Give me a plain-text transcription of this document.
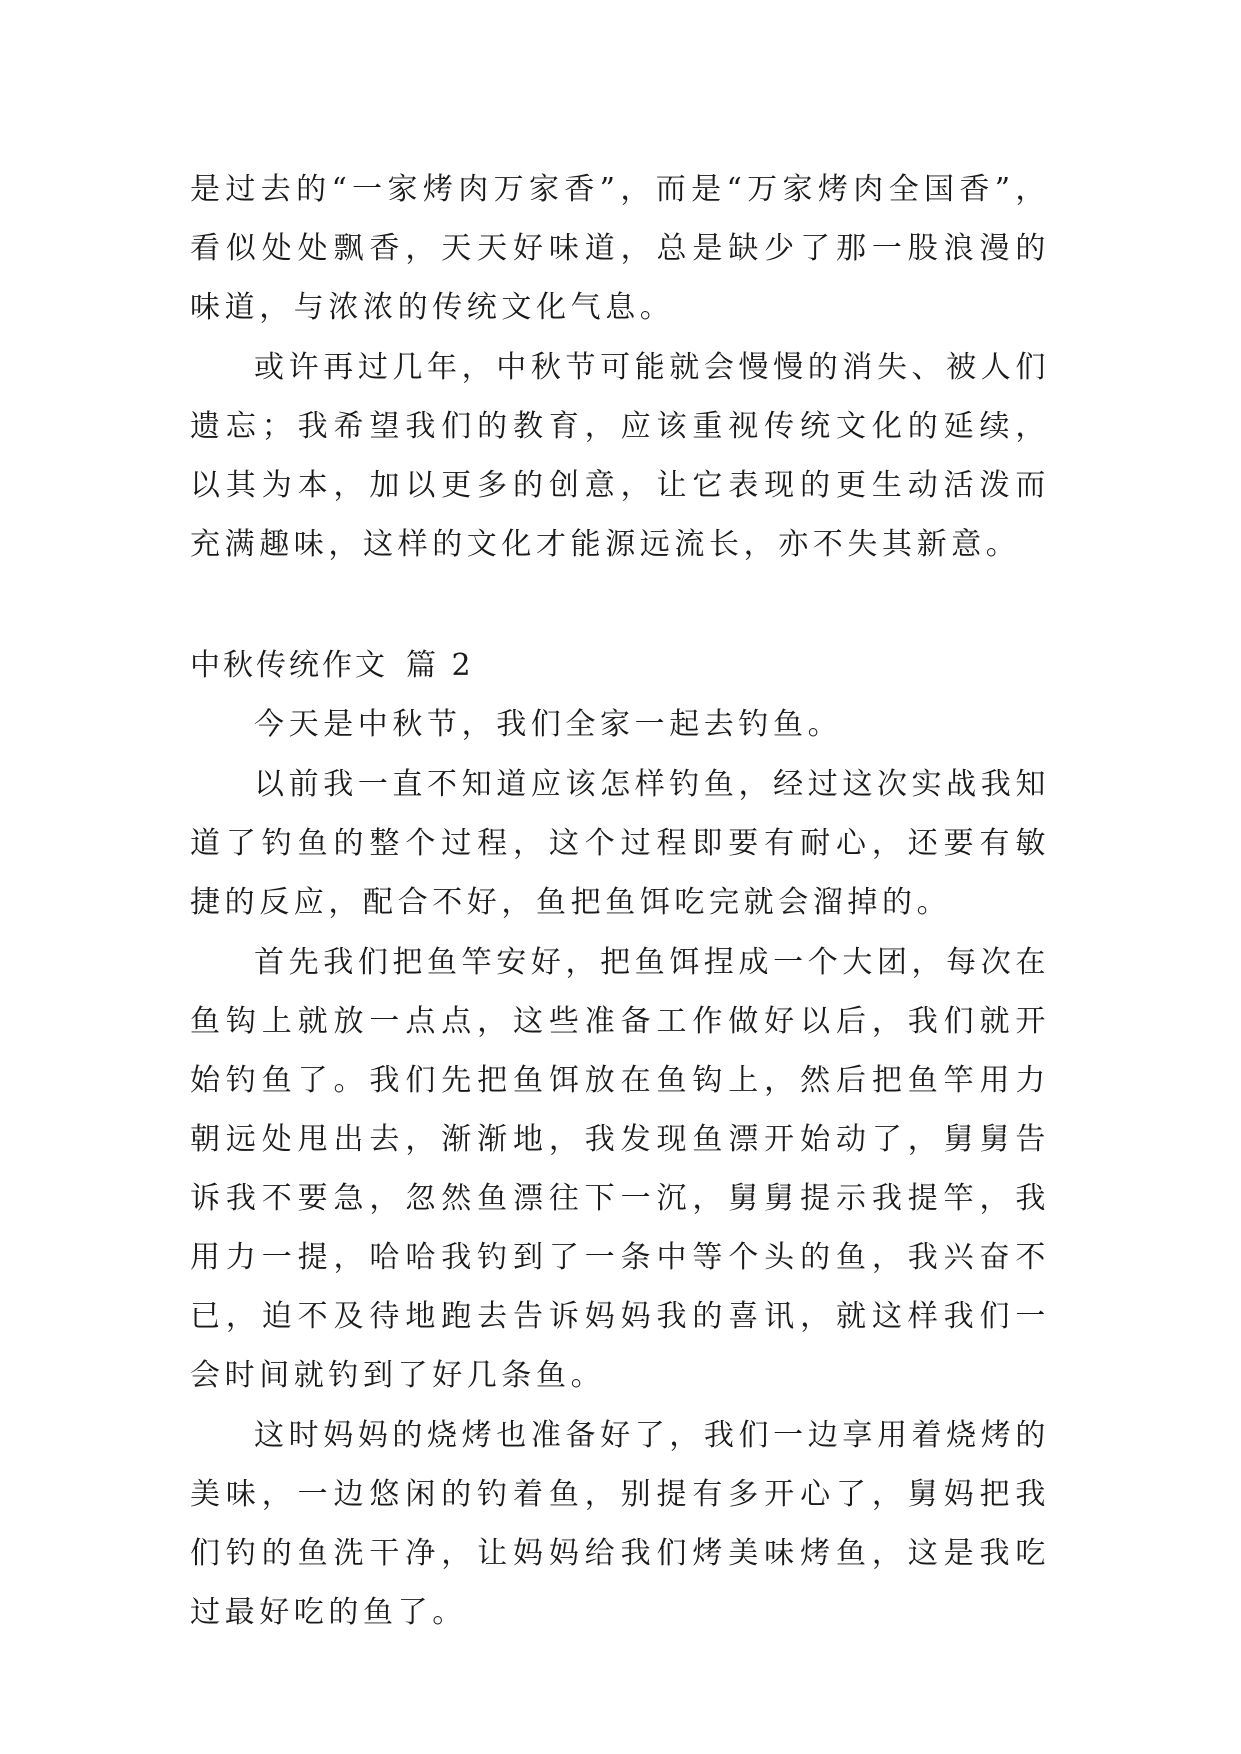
是过去的“一家烤肉万家香”，而是“万家烤肉全国香”，看似处处飘香，天天好味道，总是缺少了那一股浪漫的味道，与浓浓的传统文化气息。

或许再过几年，中秋节可能就会慢慢的消失、被人们遗忘；我希望我们的教育，应该重视传统文化的延续，以其为本，加以更多的创意，让它表现的更生动活泼而充满趣味，这样的文化才能源远流长，亦不失其新意。

中秋传统作文 篇 2

今天是中秋节，我们全家一起去钓鱼。

以前我一直不知道应该怎样钓鱼，经过这次实战我知道了钓鱼的整个过程，这个过程即要有耐心，还要有敏捷的反应，配合不好，鱼把鱼饵吃完就会溜掉的。

首先我们把鱼竿安好，把鱼饵捏成一个大团，每次在鱼钩上就放一点点，这些准备工作做好以后，我们就开始钓鱼了。我们先把鱼饵放在鱼钩上，然后把鱼竿用力朝远处甩出去，渐渐地，我发现鱼漂开始动了，舅舅告诉我不要急，忽然鱼漂往下一沉，舅舅提示我提竿，我用力一提，哈哈我钓到了一条中等个头的鱼，我兴奋不已，迫不及待地跑去告诉妈妈我的喜讯，就这样我们一会时间就钓到了好几条鱼。

这时妈妈的烧烤也准备好了，我们一边享用着烧烤的美味，一边悠闲的钓着鱼，别提有多开心了，舅妈把我们钓的鱼洗干净，让妈妈给我们烤美味烤鱼，这是我吃过最好吃的鱼了。
